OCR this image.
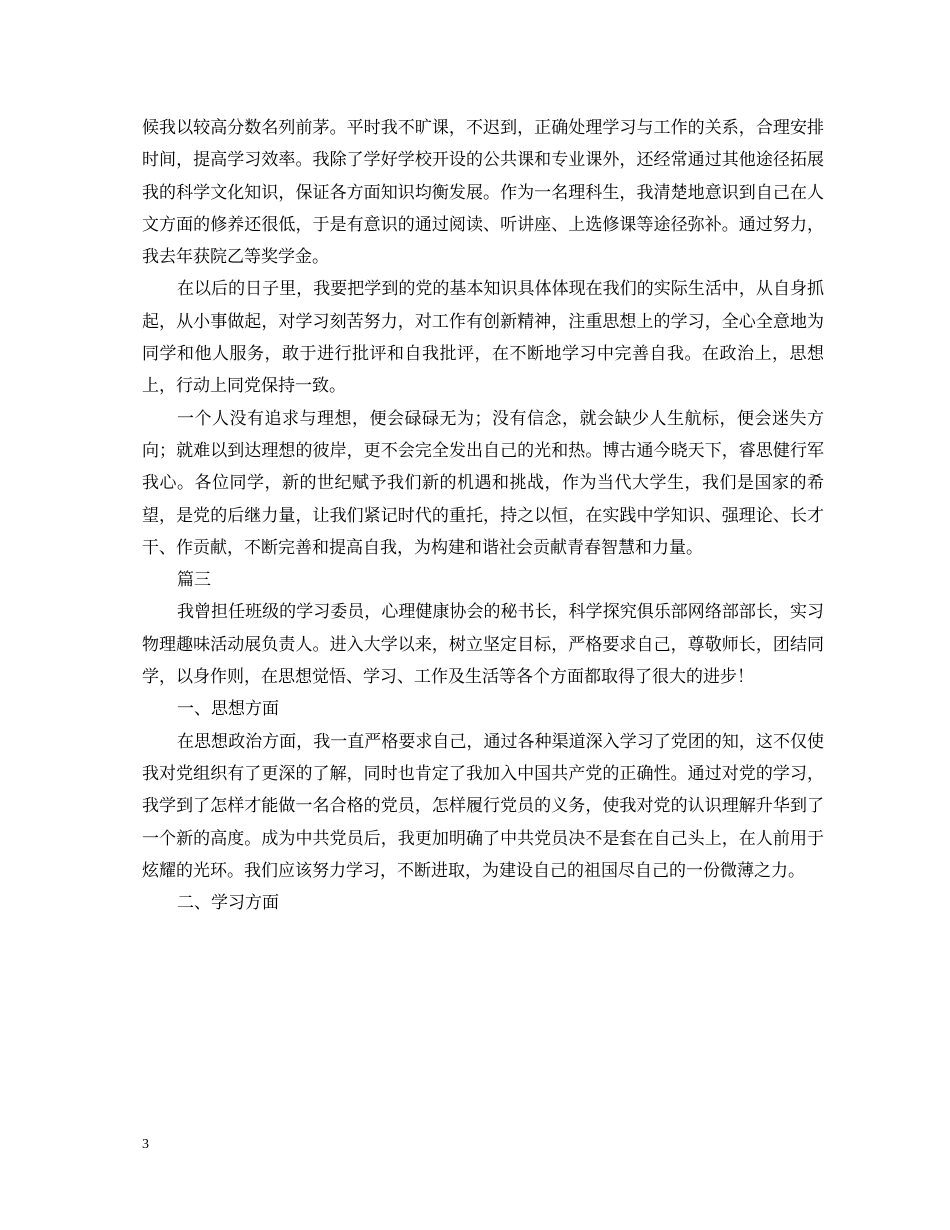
候我以较高分数名列前茅。平时我不旷课，不迟到，正确处理学习与工作的关系，合理安排时间，提高学习效率。我除了学好学校开设的公共课和专业课外，还经常通过其他途径拓展我的科学文化知识，保证各方面知识均衡发展。作为一名理科生，我清楚地意识到自己在人文方面的修养还很低，于是有意识的通过阅读、听讲座、上选修课等途径弥补。通过努力，我去年获院乙等奖学金。

在以后的日子里，我要把学到的党的基本知识具体体现在我们的实际生活中，从自身抓起，从小事做起，对学习刻苦努力，对工作有创新精神，注重思想上的学习，全心全意地为同学和他人服务，敢于进行批评和自我批评，在不断地学习中完善自我。在政治上，思想上，行动上同党保持一致。

一个人没有追求与理想，便会碌碌无为；没有信念，就会缺少人生航标，便会迷失方向；就难以到达理想的彼岸，更不会完全发出自己的光和热。博古通今晓天下，睿思健行军我心。各位同学，新的世纪赋予我们新的机遇和挑战，作为当代大学生，我们是国家的希望，是党的后继力量，让我们紧记时代的重托，持之以恒，在实践中学知识、强理论、长才干、作贡献，不断完善和提高自我，为构建和谐社会贡献青春智慧和力量。

篇三

我曾担任班级的学习委员，心理健康协会的秘书长，科学探究俱乐部网络部部长，实习物理趣味活动展负责人。进入大学以来，树立坚定目标，严格要求自己，尊敬师长，团结同学，以身作则，在思想觉悟、学习、工作及生活等各个方面都取得了很大的进步！

一、思想方面

在思想政治方面，我一直严格要求自己，通过各种渠道深入学习了党团的知，这不仅使我对党组织有了更深的了解，同时也肯定了我加入中国共产党的正确性。通过对党的学习，我学到了怎样才能做一名合格的党员，怎样履行党员的义务，使我对党的认识理解升华到了一个新的高度。成为中共党员后，我更加明确了中共党员决不是套在自己头上，在人前用于炫耀的光环。我们应该努力学习，不断进取，为建设自己的祖国尽自己的一份微薄之力。

二、学习方面

3
